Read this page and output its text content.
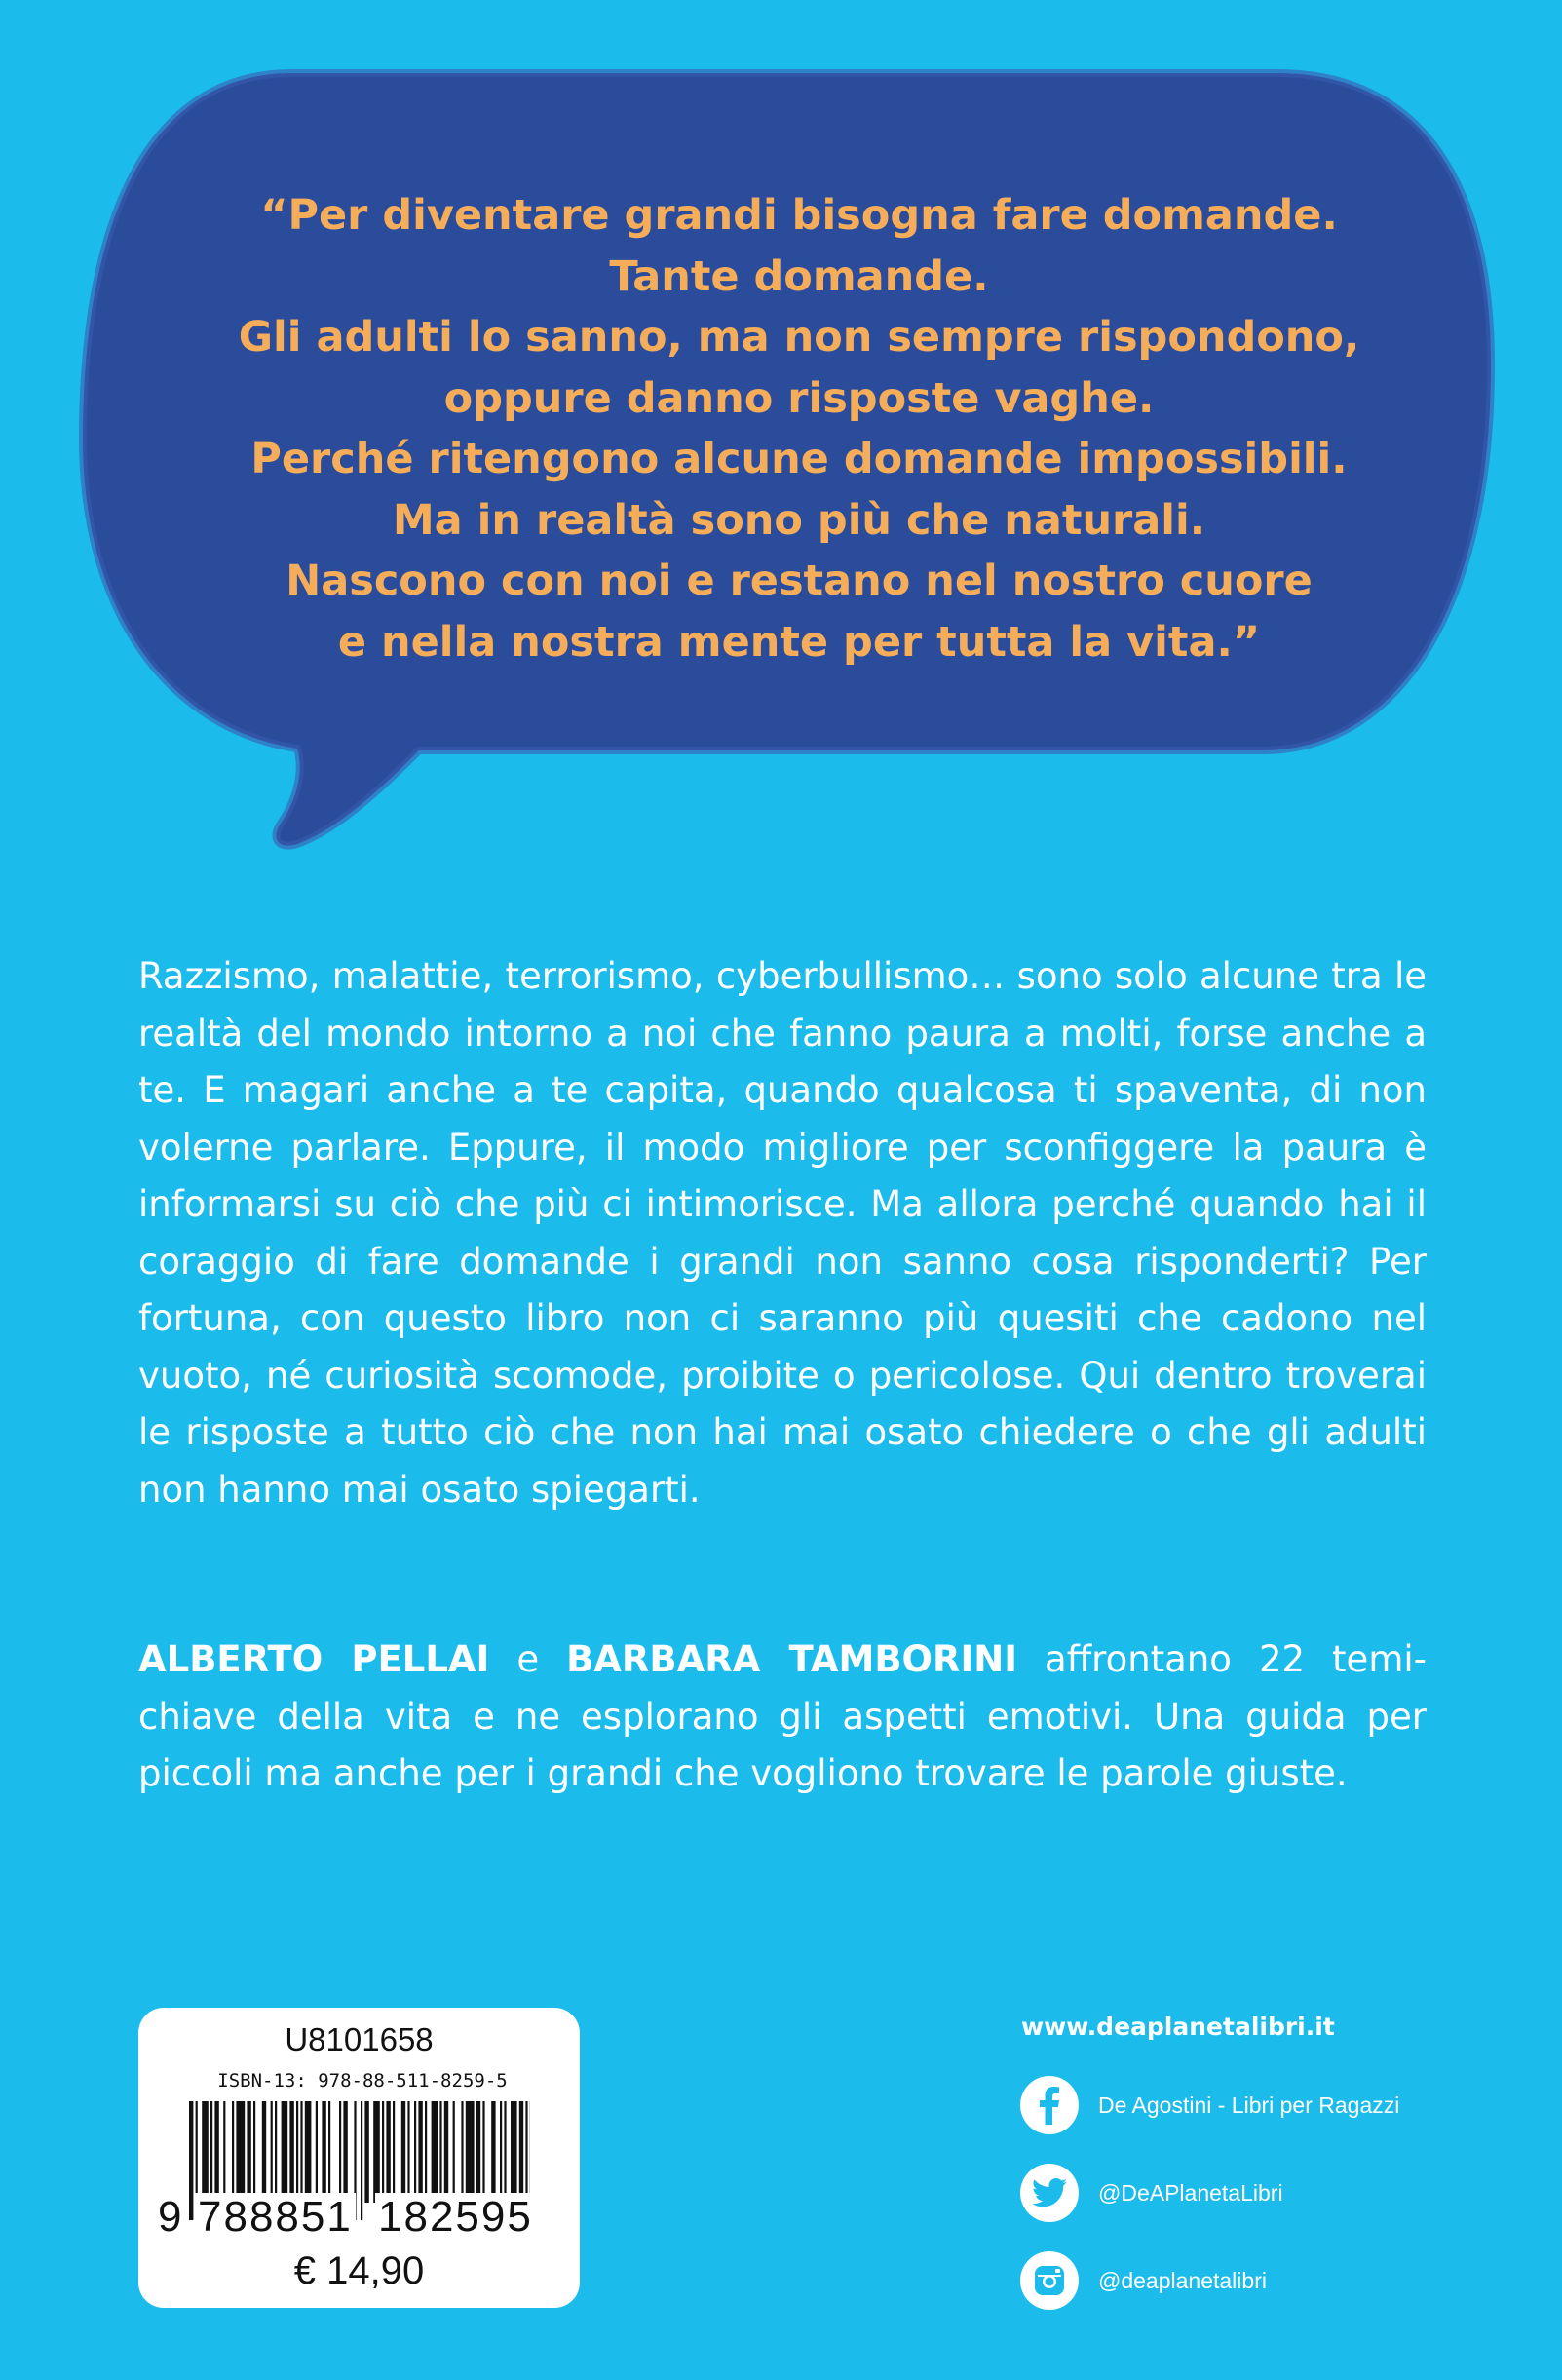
“Per diventare grandi bisogna fare domande.
Tante domande.
Gli adulti lo sanno, ma non sempre rispondono,
oppure danno risposte vaghe.
Perché ritengono alcune domande impossibili.
Ma in realtà sono più che naturali.
Nascono con noi e restano nel nostro cuore
e nella nostra mente per tutta la vita.”

Razzismo, malattie, terrorismo, cyberbullismo… sono solo alcune tra le realtà del mondo intorno a noi che fanno paura a molti, forse anche a te. E magari anche a te capita, quando qualcosa ti spaventa, di non volerne parlare. Eppure, il modo migliore per sconfiggere la paura è informarsi su ciò che più ci intimorisce. Ma allora perché quando hai il coraggio di fare domande i grandi non sanno cosa risponderti? Per fortuna, con questo libro non ci saranno più quesiti che cadono nel vuoto, né curiosità scomode, proibite o pericolose. Qui dentro troverai le risposte a tutto ciò che non hai mai osato chiedere o che gli adulti non hanno mai osato spiegarti.

ALBERTO PELLAI e BARBARA TAMBORINI affrontano 22 temi-chiave della vita e ne esplorano gli aspetti emotivi. Una guida per piccoli ma anche per i grandi che vogliono trovare le parole giuste.

U8101658
ISBN-13: 978-88-511-8259-5
9 788851 182595
€ 14,90
www.deaplanetalibri.it
De Agostini - Libri per Ragazzi
@DeAPlanetaLibri
@deaplanetalibri
